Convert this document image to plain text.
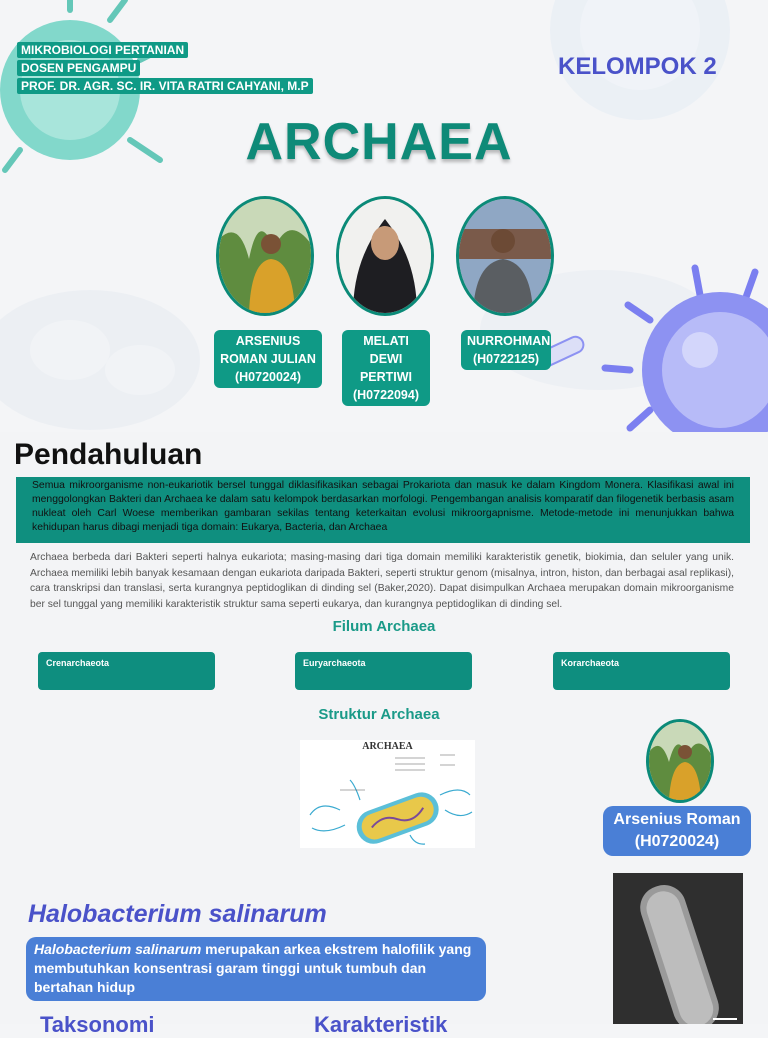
MIKROBIOLOGI PERTANIAN
DOSEN PENGAMPU
PROF. DR. AGR. SC. IR. VITA RATRI CAHYANI, M.P
KELOMPOK 2
ARCHAEA
ARSENIUS
ROMAN JULIAN
(H0720024)
MELATI DEWI
PERTIWI
(H0722094)
NURROHMAN
(H0722125)
Pendahuluan
Semua mikroorganisme non-eukariotik bersel tunggal diklasifikasikan sebagai Prokariota dan masuk ke dalam Kingdom Monera. Klasifikasi awal ini menggolongkan Bakteri dan Archaea ke dalam satu kelompok berdasarkan morfologi. Pengembangan analisis komparatif dan filogenetik berbasis asam nukleat oleh Carl Woese memberikan gambaran sekilas tentang keterkaitan evolusi mikroorgapnisme. Metode-metode ini menunjukkan bahwa kehidupan harus dibagi menjadi tiga domain: Eukarya, Bacteria, dan Archaea
Archaea berbeda dari Bakteri seperti halnya eukariota; masing-masing dari tiga domain memiliki karakteristik genetik, biokimia, dan seluler yang unik. Archaea memiliki lebih banyak kesamaan dengan eukariota daripada Bakteri, seperti struktur genom (misalnya, intron, histon, dan berbagai asal replikasi), cara transkripsi dan translasi, serta kurangnya peptidoglikan di dinding sel (Baker,2020). Dapat disimpulkan Archaea merupakan domain mikroorganisme ber sel tunggal yang memiliki karakteristik struktur sama seperti eukarya, dan kurangnya peptidoglikan di dinding sel.
Filum Archaea
Crenarchaeota	Euryarchaeota	Korarchaeota
Struktur Archaea
ARCHAEA
Arsenius Roman
(H0720024)
Halobacterium salinarum
Halobacterium salinarum merupakan arkea ekstrem halofilik yang membutuhkan konsentrasi garam tinggi untuk tumbuh dan bertahan hidup
Taksonomi	Karakteristik
